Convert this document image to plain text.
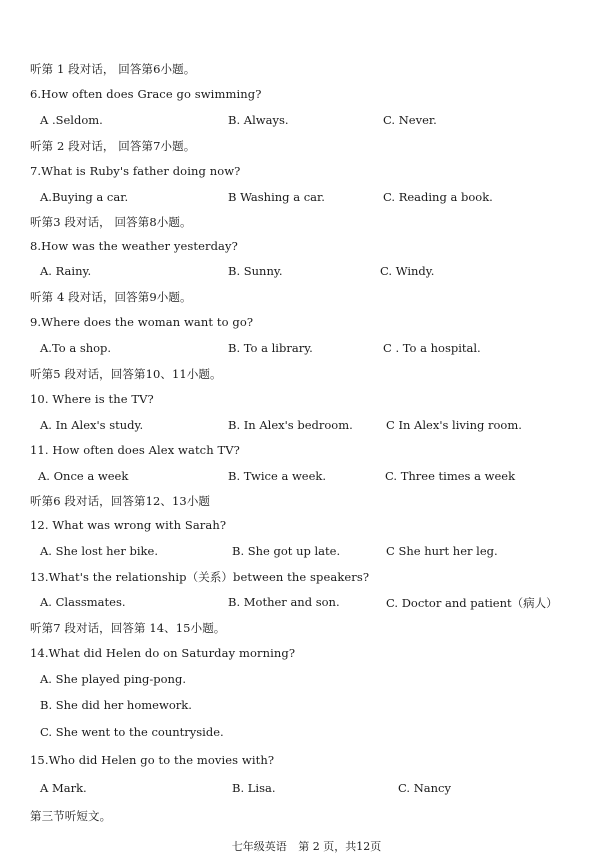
听第 1 段对话， 回答第6小题。
6.How often does Grace go swimming?
A .Seldom.	B. Always.	C. Never.
听第 2 段对话， 回答第7小题。
7.What is Ruby's father doing now?
A.Buying a car.	B Washing a car.	C. Reading a book.
听第3 段对话， 回答第8小题。
8.How was the weather yesterday?
A. Rainy.	B. Sunny.	C. Windy.
听第 4 段对话，回答第9小题。
9.Where does the woman want to go?
A.To a shop.	B. To a library.	C . To a hospital.
听第5 段对话，回答第10、11小题。
10. Where is the TV?
A. In Alex's study.	B. In Alex's bedroom.	C In Alex's living room.
11. How often does Alex watch TV?
A. Once a week	B. Twice a week.	C. Three times a week
听第6 段对话，回答第12、13小题
12. What was wrong with Sarah?
A. She lost her bike.	B. She got up late.	C She hurt her leg.
13.What's the relationship（关系）between the speakers?
A. Classmates.	B. Mother and son.	C. Doctor and patient（病人）
听第7 段对话，回答第 14、15小题。
14.What did Helen do on Saturday morning?
A. She played ping-pong.
B. She did her homework.
C. She went to the countryside.
15.Who did Helen go to the movies with?
A Mark.	B. Lisa.	C. Nancy
第三节听短文。
七年级英语 第 2 页，共12页
